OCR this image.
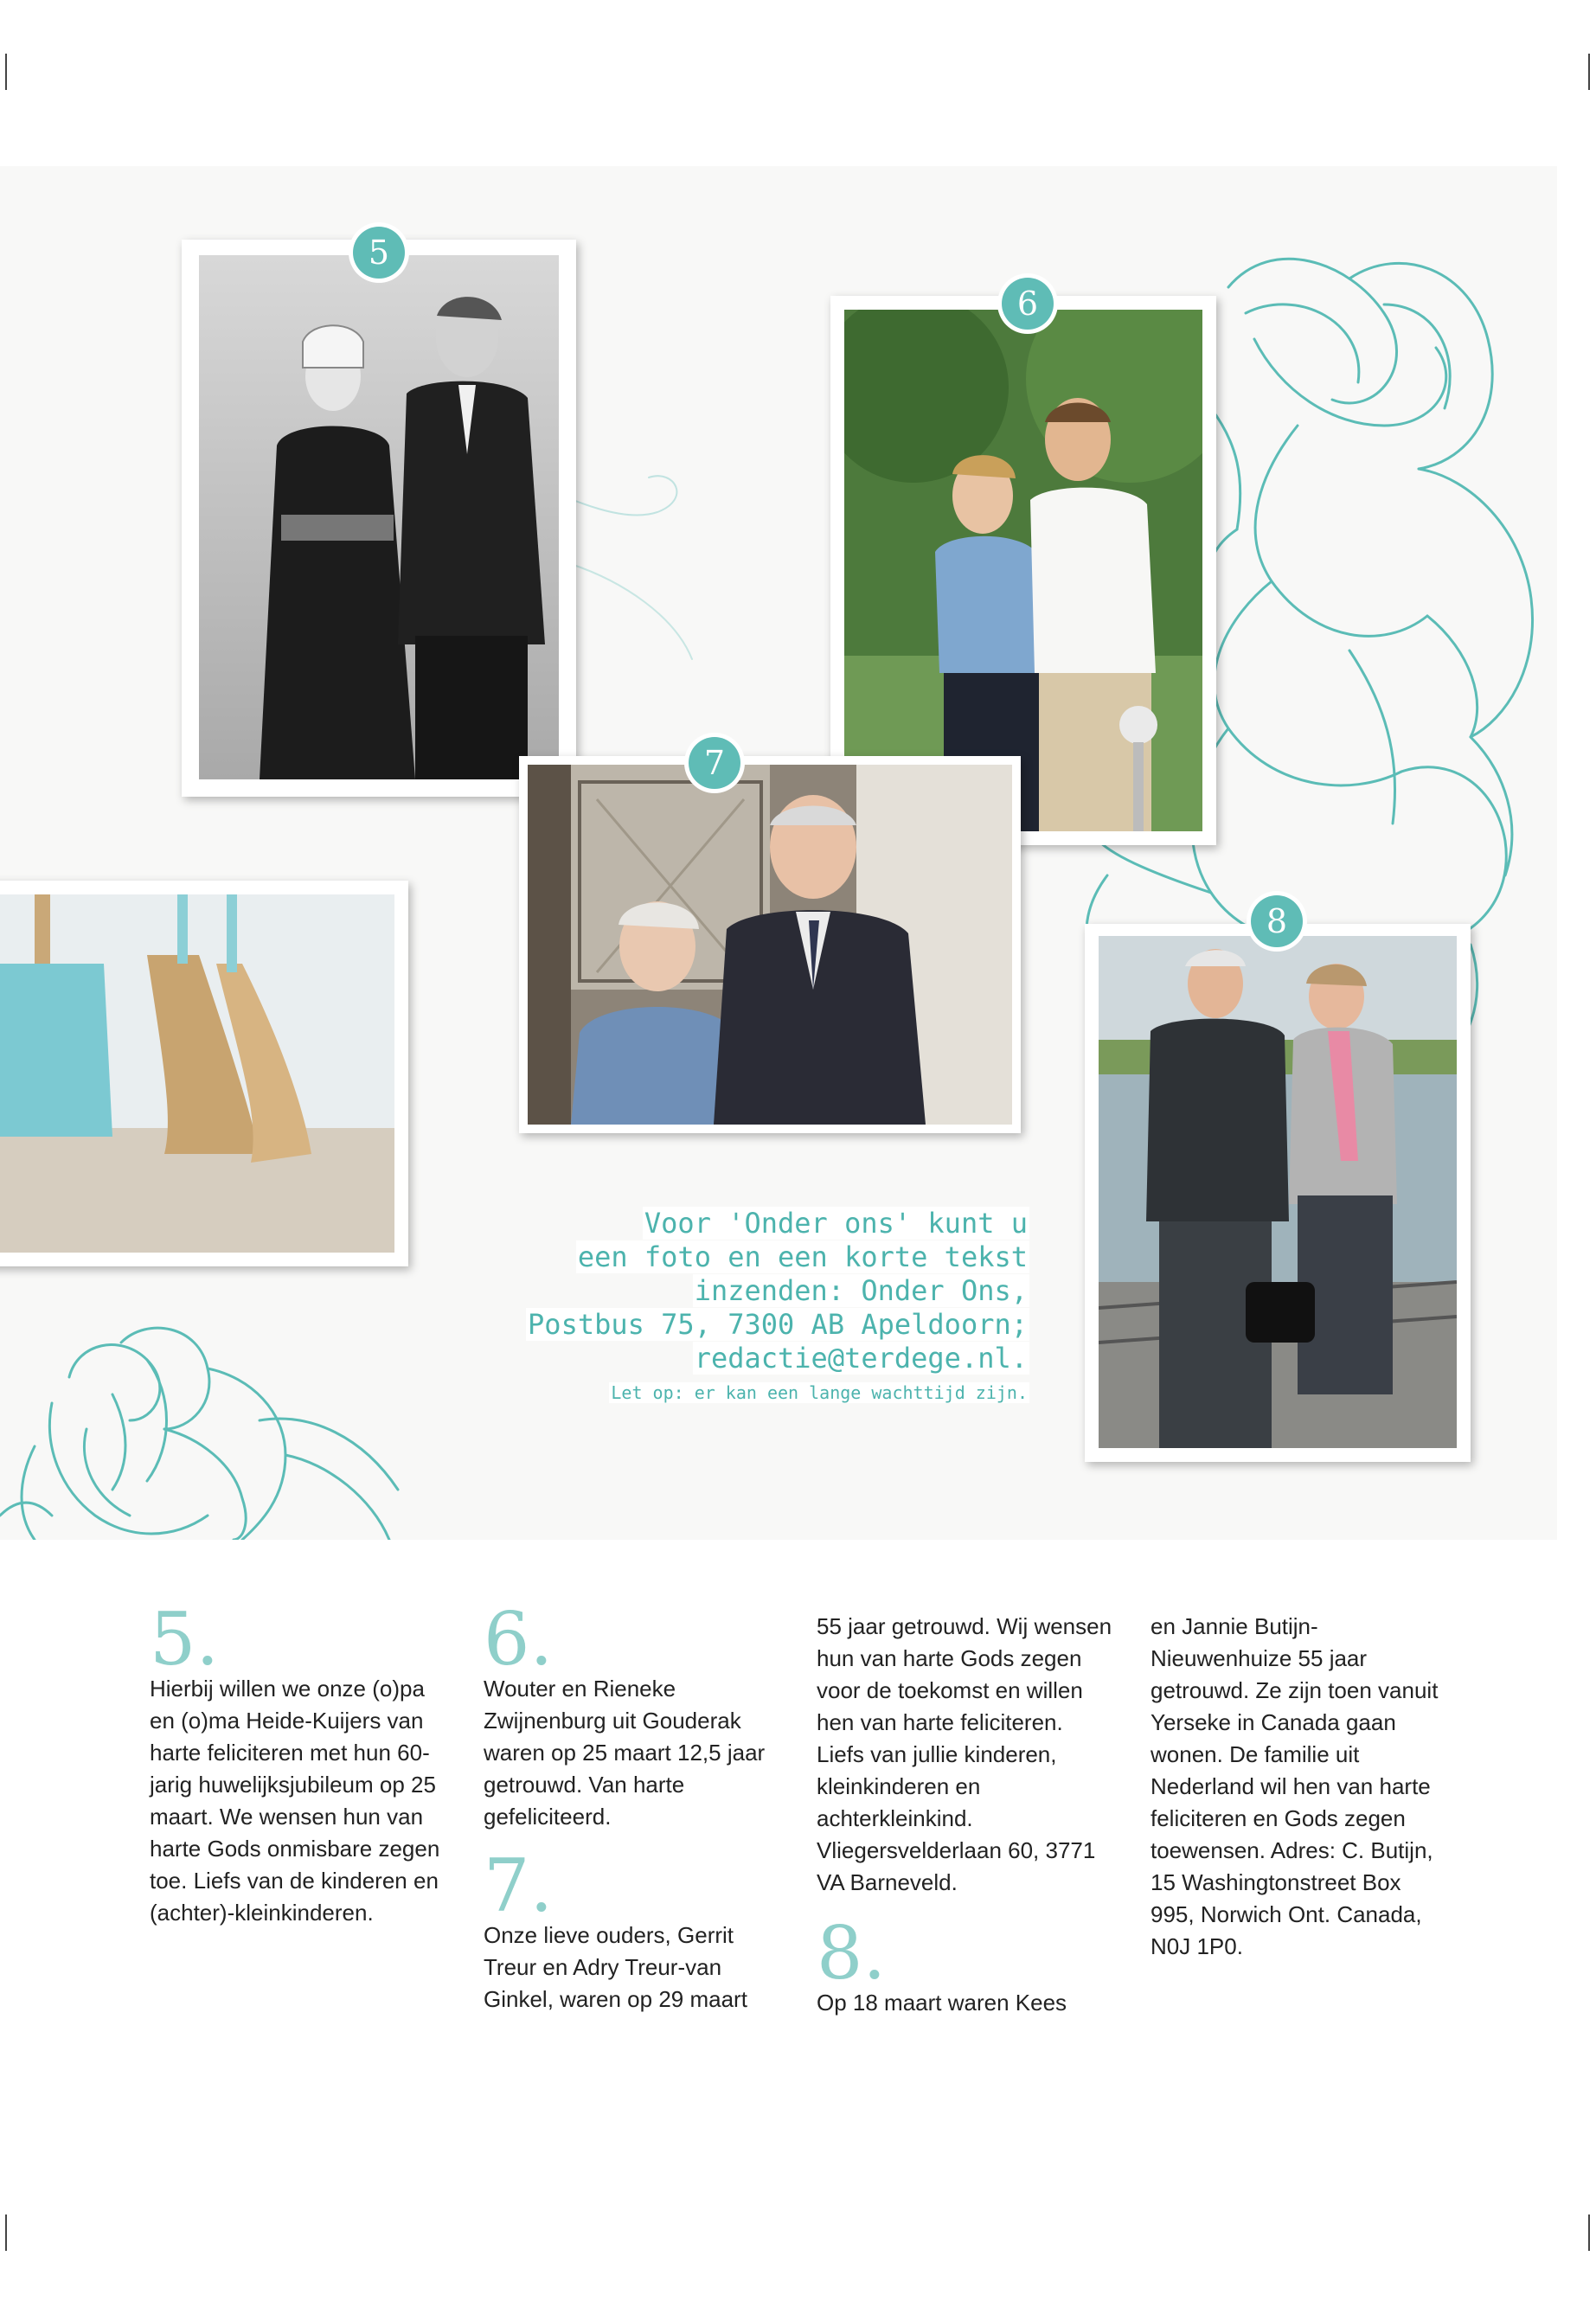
5
6
7
8
Voor 'Onder ons' kunt u
een foto en een korte tekst
inzenden: Onder Ons,
Postbus 75, 7300 AB Apeldoorn;
redactie@terdege.nl.
Let op: er kan een lange wachttijd zijn.
5.

Hierbij willen we onze (o)pa en (o)ma Heide-Kuijers van harte feliciteren met hun 60-jarig huwelijksjubileum op 25 maart. We wensen hun van harte Gods onmisbare zegen toe. Liefs van de kinderen en (achter)-kleinkinderen.

6.

Wouter en Rieneke Zwijnenburg uit Gouderak waren op 25 maart 12,5 jaar getrouwd. Van harte gefeliciteerd.

7.

Onze lieve ouders, Gerrit Treur en Adry Treur-van Ginkel, waren op 29 maart

55 jaar getrouwd. Wij wensen hun van harte Gods zegen voor de toekomst en willen hen van harte feliciteren. Liefs van jullie kinderen, kleinkinderen en achterkleinkind. Vliegersvelderlaan 60, 3771 VA Barneveld.

8.

Op 18 maart waren Kees

en Jannie Butijn-Nieuwenhuize 55 jaar getrouwd. Ze zijn toen vanuit Yerseke in Canada gaan wonen. De familie uit Nederland wil hen van harte feliciteren en Gods zegen toewensen. Adres: C. Butijn, 15 Washingtonstreet Box 995, Norwich Ont. Canada, N0J 1P0.
